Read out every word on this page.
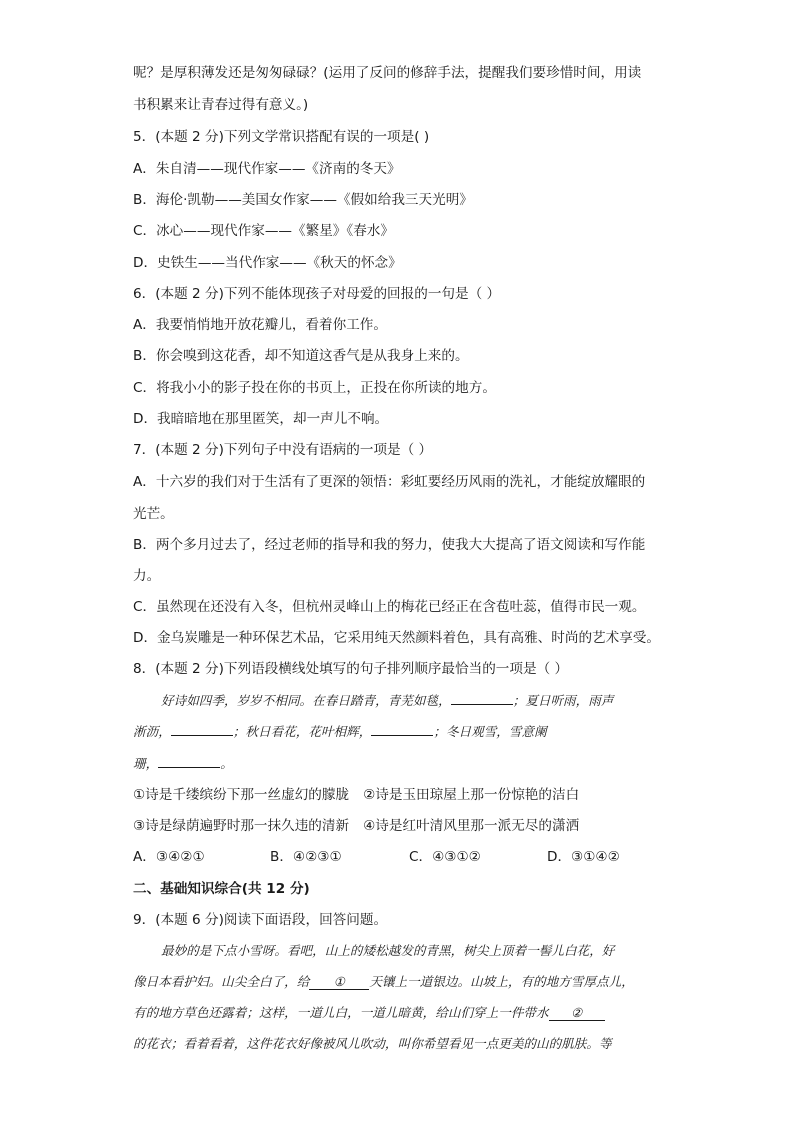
呢？是厚积薄发还是匆匆碌碌？(运用了反问的修辞手法，提醒我们要珍惜时间，用读
书积累来让青春过得有意义。)
5．(本题 2 分)下列文学常识搭配有误的一项是( )
A．朱自清——现代作家——《济南的冬天》
B．海伦·凯勒——美国女作家——《假如给我三天光明》
C．冰心——现代作家——《繁星》《春水》
D．史铁生——当代作家——《秋天的怀念》
6．(本题 2 分)下列不能体现孩子对母爱的回报的一句是（ ）
A．我要悄悄地开放花瓣儿，看着你工作。
B．你会嗅到这花香，却不知道这香气是从我身上来的。
C．将我小小的影子投在你的书页上，正投在你所读的地方。
D．我暗暗地在那里匿笑，却一声儿不响。
7．(本题 2 分)下列句子中没有语病的一项是（ ）
A．十六岁的我们对于生活有了更深的领悟：彩虹要经历风雨的洗礼，才能绽放耀眼的
光芒。
B．两个多月过去了，经过老师的指导和我的努力，使我大大提高了语文阅读和写作能
力。
C．虽然现在还没有入冬，但杭州灵峰山上的梅花已经正在含苞吐蕊，值得市民一观。
D．金乌炭雕是一种环保艺术品，它采用纯天然颜料着色，具有高雅、时尚的艺术享受。
8．(本题 2 分)下列语段横线处填写的句子排列顺序最恰当的一项是（ ）
好诗如四季，岁岁不相同。在春日踏青，青芜如毯，	；夏日听雨，雨声
淅沥，	；秋日看花，花叶相辉，	；冬日观雪，雪意阑
珊，	。
①诗是千缕缤纷下那一丝虚幻的朦胧 ②诗是玉田琼屋上那一份惊艳的洁白
③诗是绿荫遍野时那一抹久违的清新 ④诗是红叶清风里那一派无尽的潇洒
A．③④②①	B．④②③①	C．④③①②	D．③①④②
二、基础知识综合(共 12 分)
9．(本题 6 分)阅读下面语段，回答问题。
最妙的是下点小雪呀。看吧，山上的矮松越发的青黑，树尖上顶着一髻儿白花，好
像日本看护妇。山尖全白了，给 ① 天镶上一道银边。山坡上，有的地方雪厚点儿，
有的地方草色还露着；这样，一道儿白，一道儿暗黄，给山们穿上一件带水 ②
的花衣；看着看着，这件花衣好像被风儿吹动，叫你希望看见一点更美的山的肌肤。等
